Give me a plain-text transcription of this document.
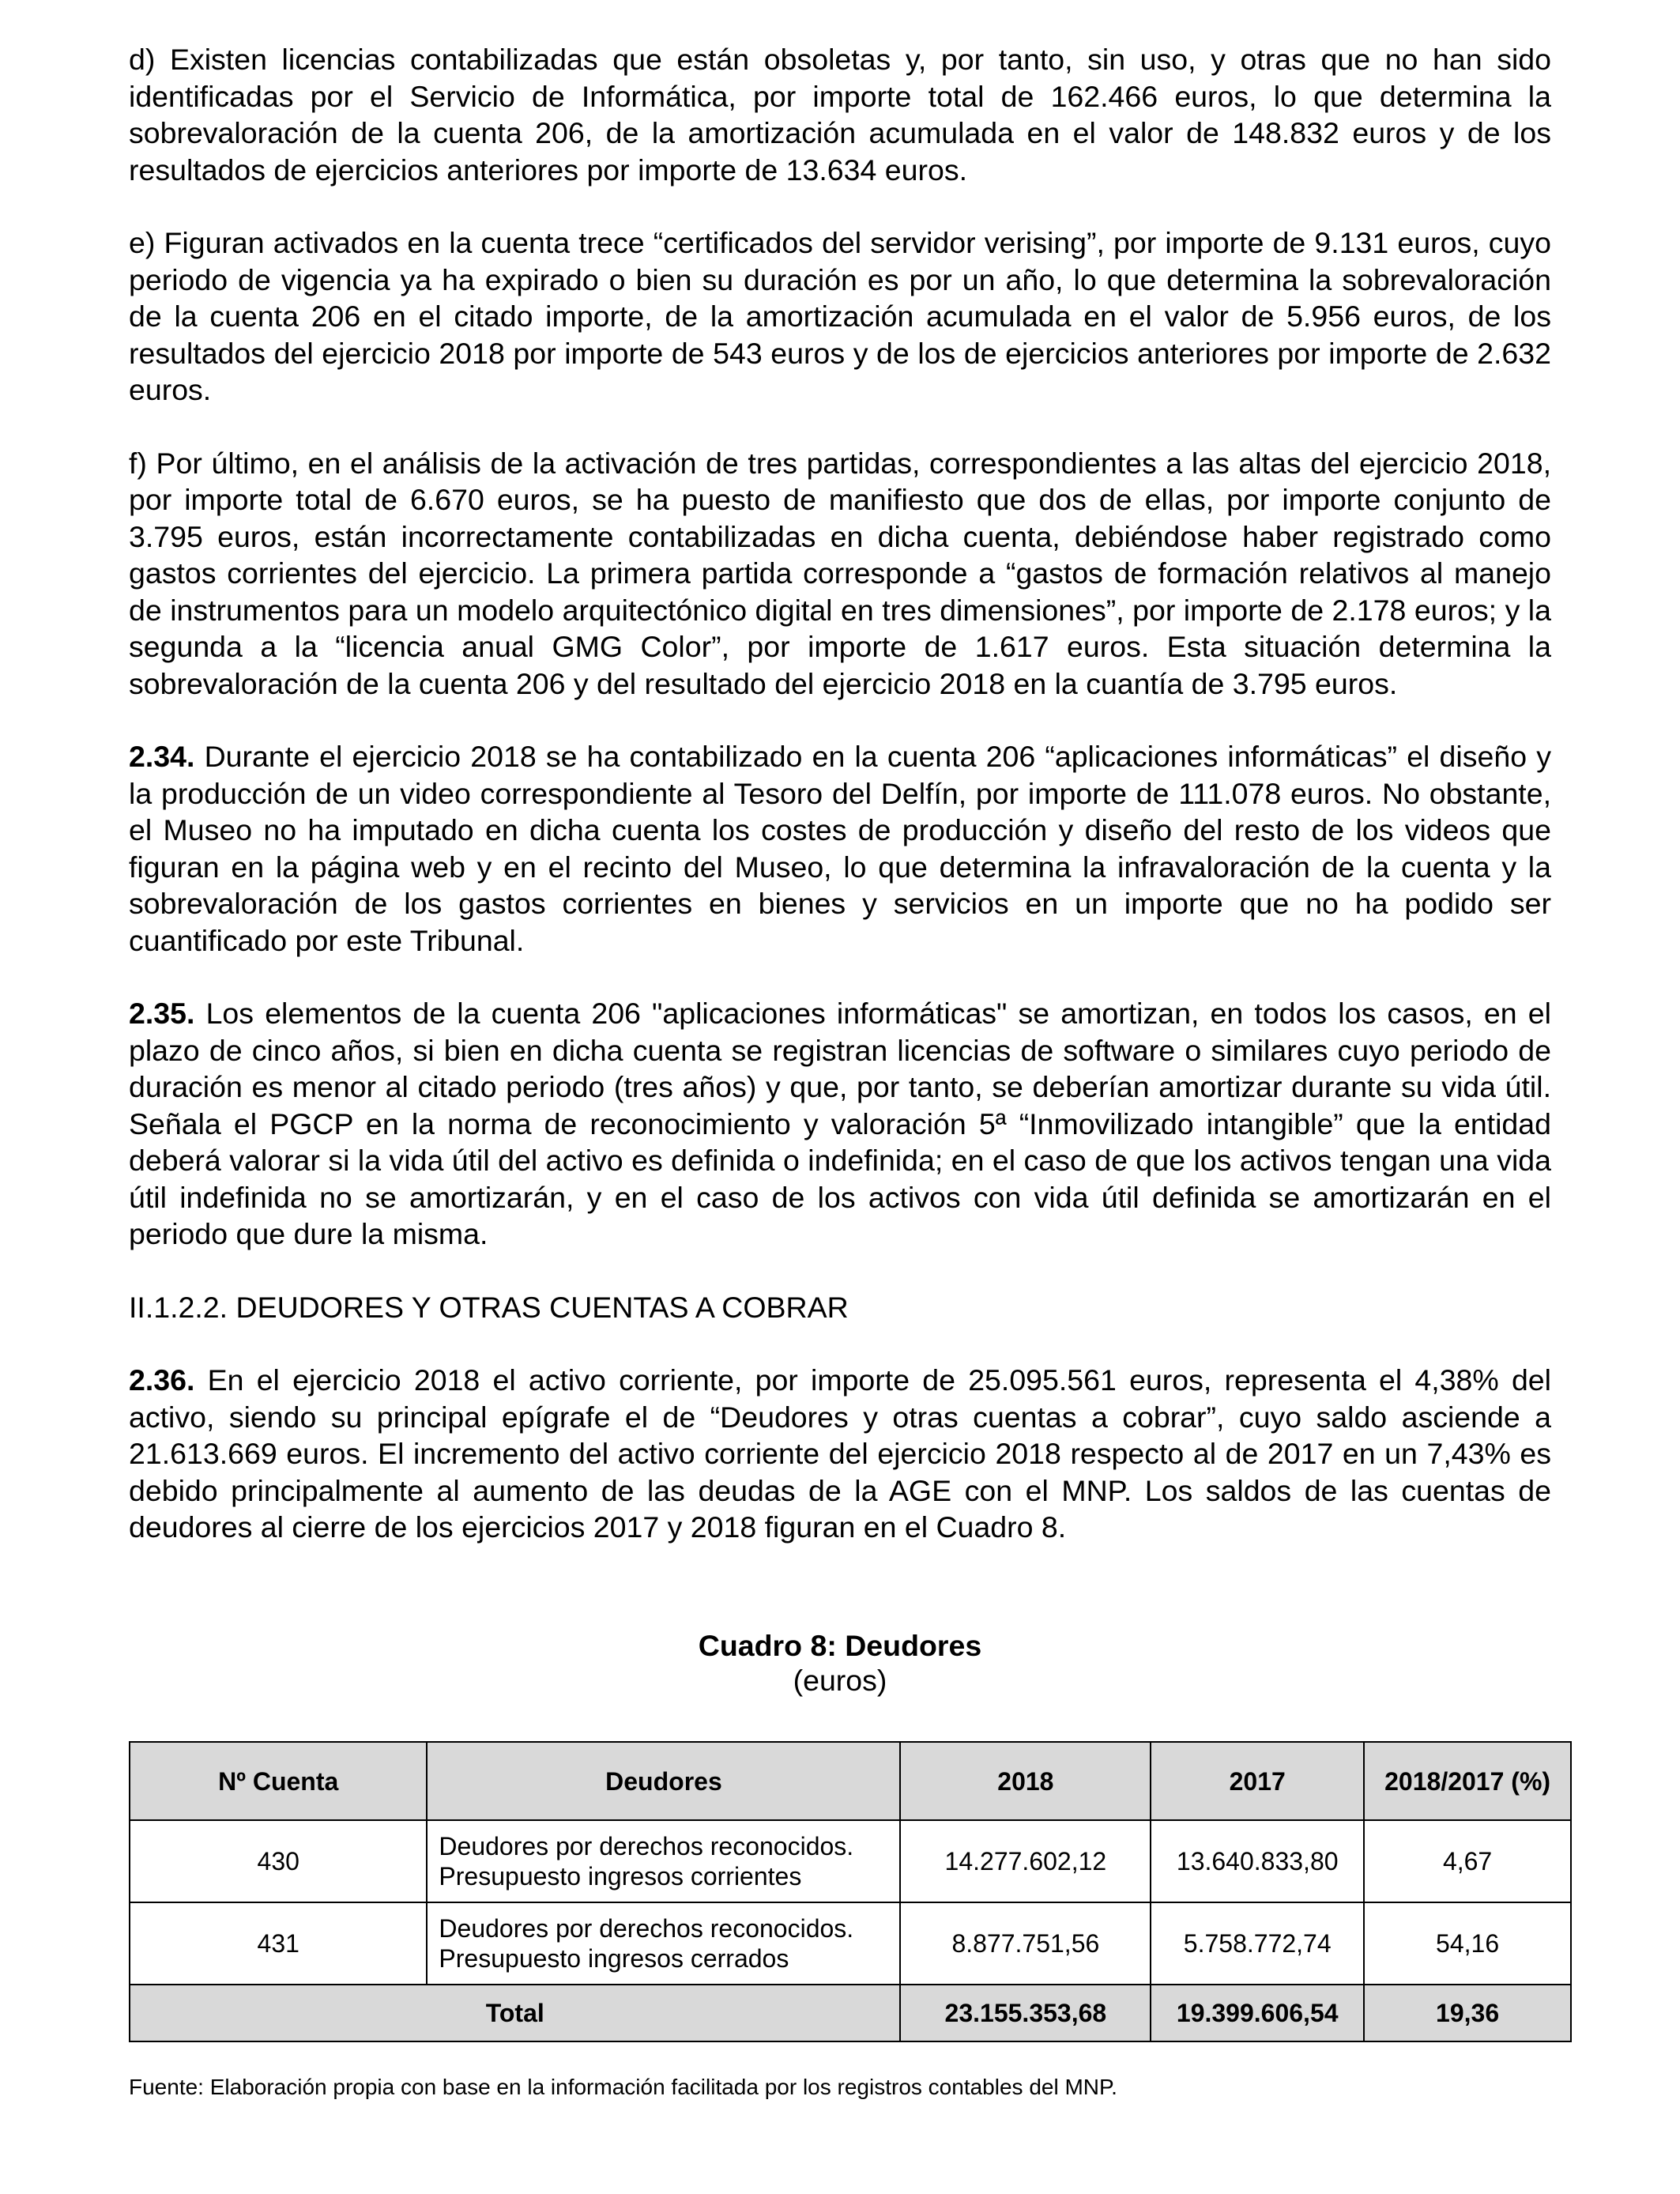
d) Existen licencias contabilizadas que están obsoletas y, por tanto, sin uso, y otras que no han sido identificadas por el Servicio de Informática, por importe total de 162.466 euros, lo que determina la sobrevaloración de la cuenta 206, de la amortización acumulada en el valor de 148.832 euros y de los resultados de ejercicios anteriores por importe de 13.634 euros.

e) Figuran activados en la cuenta trece “certificados del servidor verising”, por importe de 9.131 euros, cuyo periodo de vigencia ya ha expirado o bien su duración es por un año, lo que determina la sobrevaloración de la cuenta 206 en el citado importe, de la amortización acumulada en el valor de 5.956 euros, de los resultados del ejercicio 2018 por importe de 543 euros y de los de ejercicios anteriores por importe de 2.632 euros.

f) Por último, en el análisis de la activación de tres partidas, correspondientes a las altas del ejercicio 2018, por importe total de 6.670 euros, se ha puesto de manifiesto que dos de ellas, por importe conjunto de 3.795 euros, están incorrectamente contabilizadas en dicha cuenta, debiéndose haber registrado como gastos corrientes del ejercicio. La primera partida corresponde a “gastos de formación relativos al manejo de instrumentos para un modelo arquitectónico digital en tres dimensiones”, por importe de 2.178 euros; y la segunda a la “licencia anual GMG Color”, por importe de 1.617 euros. Esta situación determina la sobrevaloración de la cuenta 206 y del resultado del ejercicio 2018 en la cuantía de 3.795 euros.

2.34. Durante el ejercicio 2018 se ha contabilizado en la cuenta 206 “aplicaciones informáticas” el diseño y la producción de un video correspondiente al Tesoro del Delfín, por importe de 111.078 euros. No obstante, el Museo no ha imputado en dicha cuenta los costes de producción y diseño del resto de los videos que figuran en la página web y en el recinto del Museo, lo que determina la infravaloración de la cuenta y la sobrevaloración de los gastos corrientes en bienes y servicios en un importe que no ha podido ser cuantificado por este Tribunal.

2.35. Los elementos de la cuenta 206 "aplicaciones informáticas" se amortizan, en todos los casos, en el plazo de cinco años, si bien en dicha cuenta se registran licencias de software o similares cuyo periodo de duración es menor al citado periodo (tres años) y que, por tanto, se deberían amortizar durante su vida útil. Señala el PGCP en la norma de reconocimiento y valoración 5ª “Inmovilizado intangible” que la entidad deberá valorar si la vida útil del activo es definida o indefinida; en el caso de que los activos tengan una vida útil indefinida no se amortizarán, y en el caso de los activos con vida útil definida se amortizarán en el periodo que dure la misma.

II.1.2.2. DEUDORES Y OTRAS CUENTAS A COBRAR

2.36. En el ejercicio 2018 el activo corriente, por importe de 25.095.561 euros, representa el 4,38% del activo, siendo su principal epígrafe el de “Deudores y otras cuentas a cobrar”, cuyo saldo asciende a 21.613.669 euros. El incremento del activo corriente del ejercicio 2018 respecto al de 2017 en un 7,43% es debido principalmente al aumento de las deudas de la AGE con el MNP. Los saldos de las cuentas de deudores al cierre de los ejercicios 2017 y 2018 figuran en el Cuadro 8.

Cuadro 8: Deudores

(euros)

Nº Cuenta	Deudores	2018	2017	2018/2017 (%)
430	Deudores por derechos reconocidos.
Presupuesto ingresos corrientes	14.277.602,12	13.640.833,80	4,67
431	Deudores por derechos reconocidos.
Presupuesto ingresos cerrados	8.877.751,56	5.758.772,74	54,16
Total		23.155.353,68	19.399.606,54	19,36
Fuente: Elaboración propia con base en la información facilitada por los registros contables del MNP.
